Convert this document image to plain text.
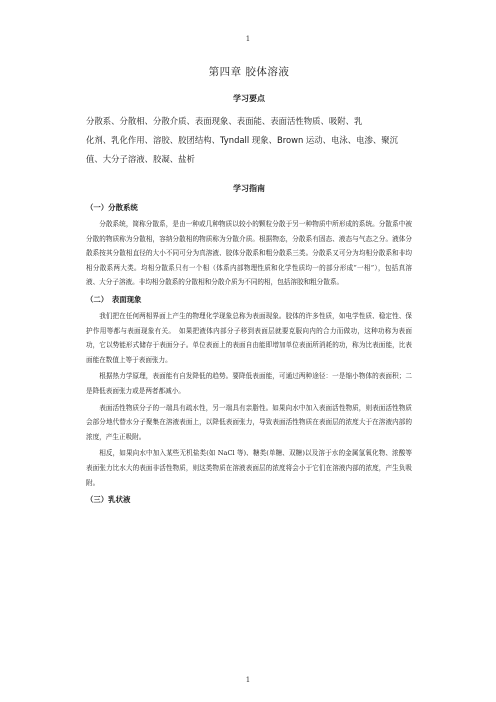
1
第四章 胶体溶液
学习要点
分散系、分散相、分散介质、表面现象、表面能、表面活性物质、吸附、乳
化剂、乳化作用、溶胶、胶团结构、Tyndall 现象、Brown 运动、电泳、电渗、聚沉
值、大分子溶液、胶凝、盐析
学习指南
（一）分散系统

分散系统，简称分散系，是由一种或几种物质以较小的颗粒分散于另一种物质中所形成的系统。分散系中被分散的物质称为分散相，容纳分散相的物质称为分散介质。根据物态，分散系有固态、液态与气态之分。液体分散系按其分散相直径的大小不同可分为真溶液、胶体分散系和粗分散系三类。分散系又可分为均相分散系和非均相分散系两大类。均相分散系只有一个相（体系内部物理性质和化学性质均一的部分形成“一相”），包括真溶液、大分子溶液。非均相分散系的分散相和分散介质为不同的相，包括溶胶和粗分散系。

（二）　表面现象

我们把在任何两相界面上产生的物理化学现象总称为表面现象。胶体的许多性质，如电学性质、稳定性、保护作用等都与表面现象有关。　如果把液体内部分子移到表面层就要克服向内的合力而做功，这种功称为表面功，它以势能形式储存于表面分子。单位表面上的表面自由能即增加单位表面所消耗的功，称为比表面能，比表面能在数值上等于表面张力。

根据热力学原理，表面能有自发降低的趋势。要降低表面能，可通过两种途径：一是缩小物体的表面积；二是降低表面张力或是两者都减小。

表面活性物质分子的一端具有疏水性，另一端具有亲脂性。如果向水中加入表面活性物质，则表面活性物质会部分地代替水分子聚集在溶液表面上，以降低表面张力，导致表面活性物质在表面层的浓度大于在溶液内部的浓度，产生正吸附。

相反，如果向水中加入某些无机盐类(如 NaCl 等)、糖类(单糖、双糖)以及溶于水的金属氢氧化物、浓酸等表面张力比水大的表面非活性物质，则这类物质在溶液表面层的浓度将会小于它们在溶液内部的浓度，产生负吸附。

（三）乳状液
1
